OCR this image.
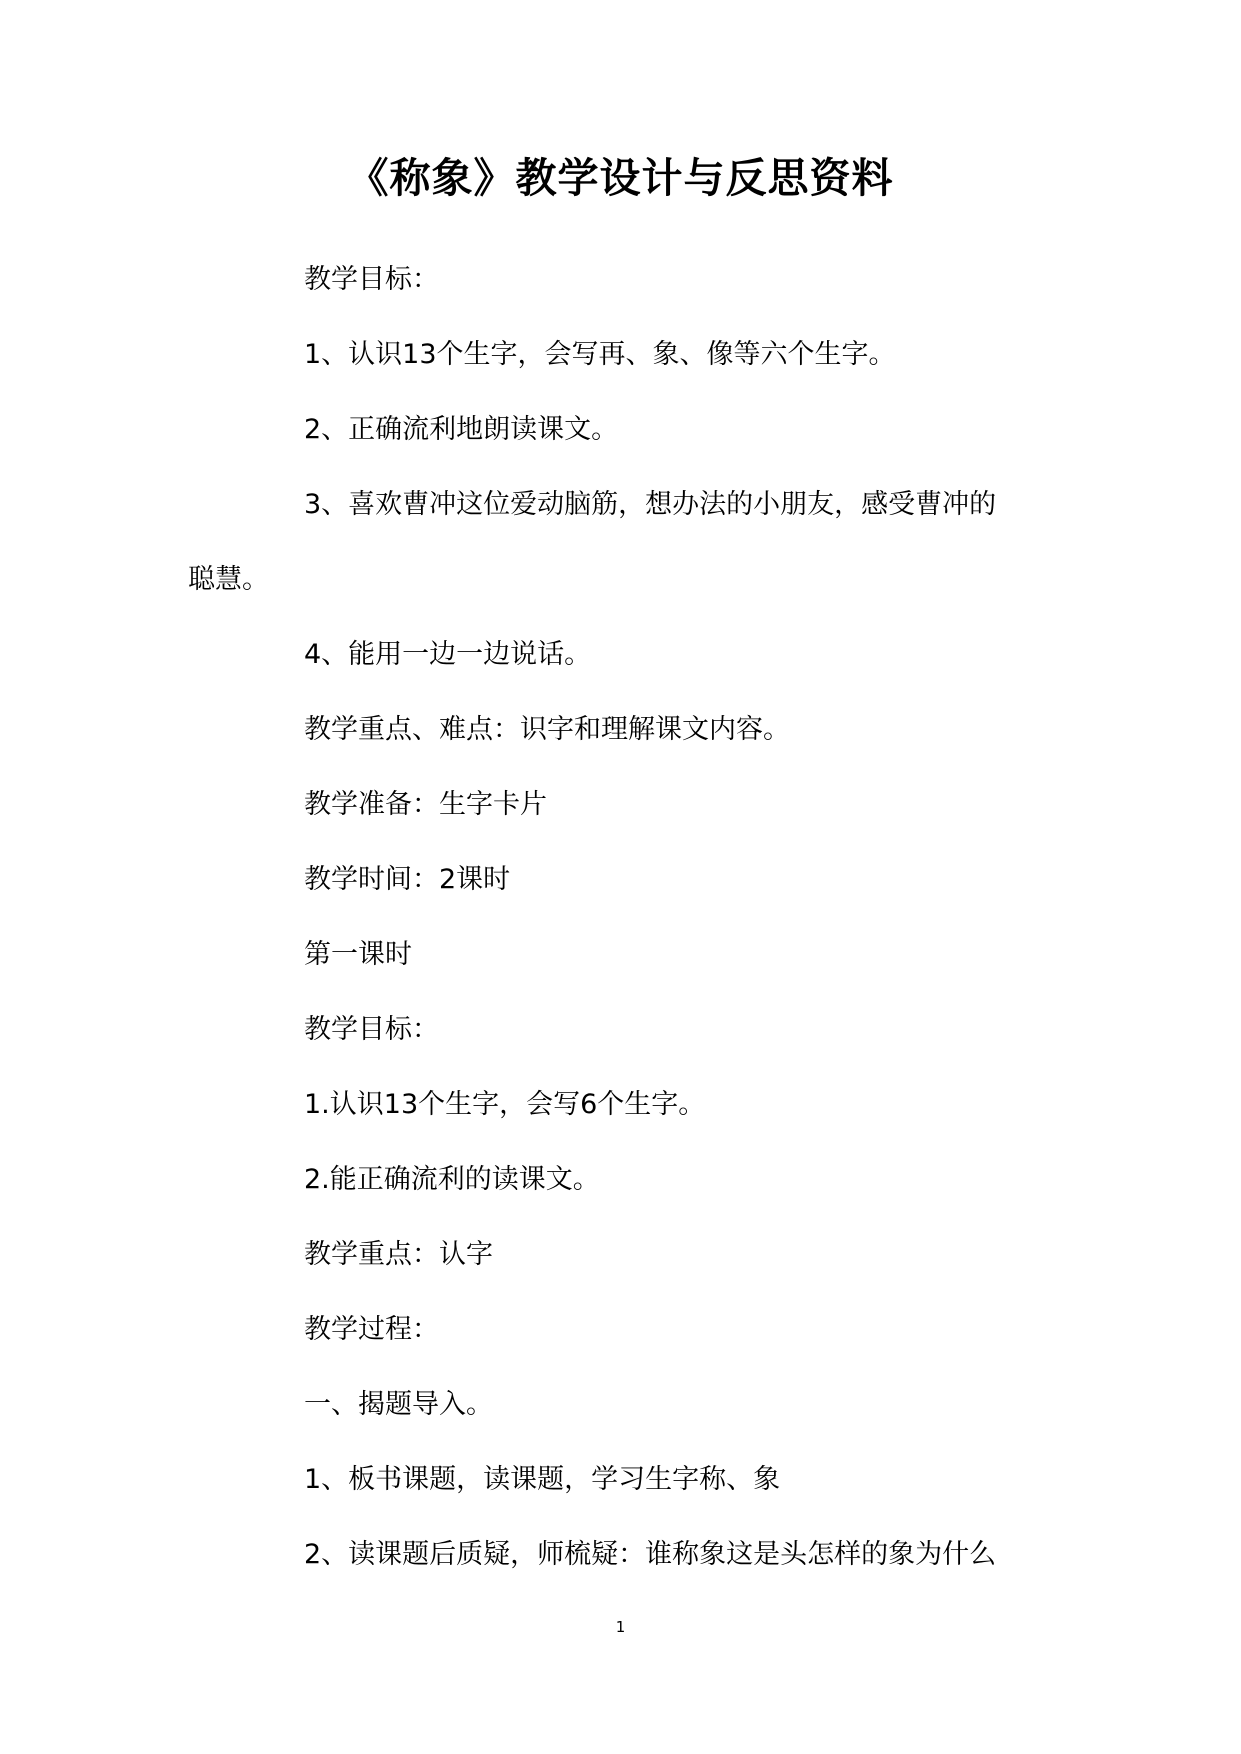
《称象》教学设计与反思资料
教学目标：
1、认识13个生字，会写再、象、像等六个生字。
2、正确流利地朗读课文。
3、喜欢曹冲这位爱动脑筋，想办法的小朋友，感受曹冲的
聪慧。
4、能用一边一边说话。
教学重点、难点：识字和理解课文内容。
教学准备：生字卡片
教学时间：2课时
第一课时
教学目标：
1.认识13个生字，会写6个生字。
2.能正确流利的读课文。
教学重点：认字
教学过程：
一、揭题导入。
1、板书课题，读课题，学习生字称、象
2、读课题后质疑，师梳疑：谁称象这是头怎样的象为什么
1
